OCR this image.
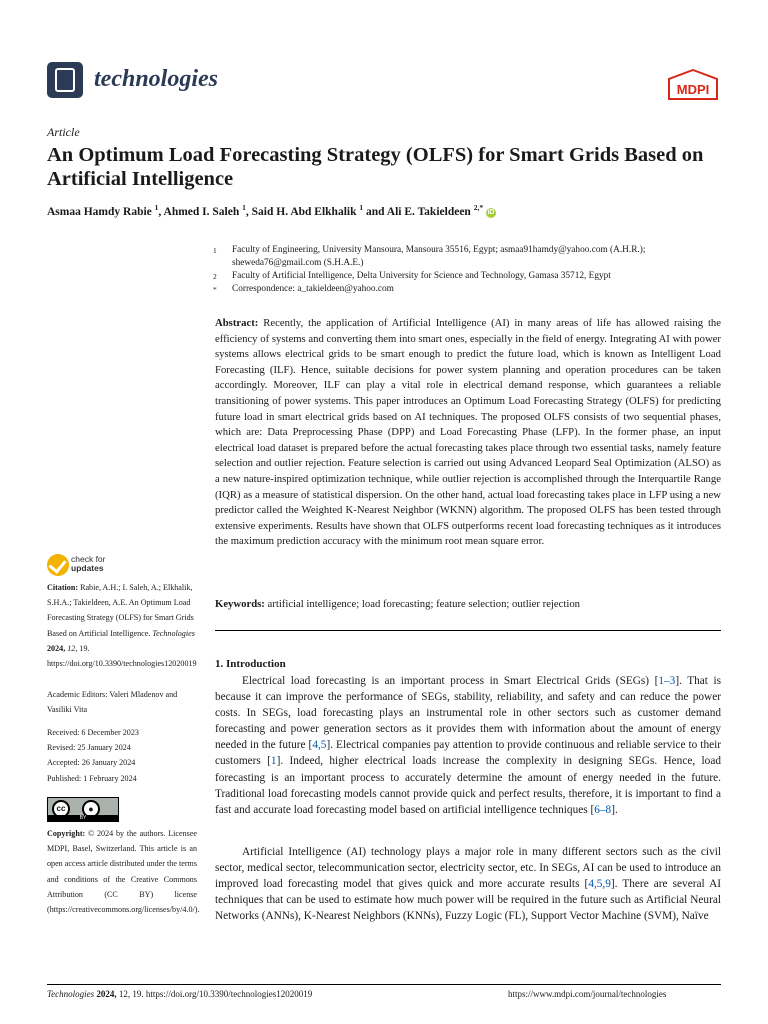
technologies	MDPI
Article
An Optimum Load Forecasting Strategy (OLFS) for Smart Grids Based on Artificial Intelligence
Asmaa Hamdy Rabie $^1$, Ahmed I. Saleh $^1$, Said H. Abd Elkhalik $^1$ and Ali E. Takieldeen $^{2,*}$ iD
1	Faculty of Engineering, University Mansoura, Mansoura 35516, Egypt; asmaa91hamdy@yahoo.com (A.H.R.); sheweda76@gmail.com (S.H.A.E.)
2	Faculty of Artificial Intelligence, Delta University for Science and Technology, Gamasa 35712, Egypt
*	Correspondence: a_takieldeen@yahoo.com
Abstract: Recently, the application of Artificial Intelligence (AI) in many areas of life has allowed raising the efficiency of systems and converting them into smart ones, especially in the field of energy. Integrating AI with power systems allows electrical grids to be smart enough to predict the future load, which is known as Intelligent Load Forecasting (ILF). Hence, suitable decisions for power system planning and operation procedures can be taken accordingly. Moreover, ILF can play a vital role in electrical demand response, which guarantees a reliable transitioning of power systems. This paper introduces an Optimum Load Forecasting Strategy (OLFS) for predicting future load in smart electrical grids based on AI techniques. The proposed OLFS consists of two sequential phases, which are: Data Preprocessing Phase (DPP) and Load Forecasting Phase (LFP). In the former phase, an input electrical load dataset is prepared before the actual forecasting takes place through two essential tasks, namely feature selection and outlier rejection. Feature selection is carried out using Advanced Leopard Seal Optimization (ALSO) as a new nature-inspired optimization technique, while outlier rejection is accomplished through the Interquartile Range (IQR) as a measure of statistical dispersion. On the other hand, actual load forecasting takes place in LFP using a new predictor called the Weighted K-Nearest Neighbor (WKNN) algorithm. The proposed OLFS has been tested through extensive experiments. Results have shown that OLFS outperforms recent load forecasting techniques as it introduces the maximum prediction accuracy with the minimum root mean square error.
Keywords: artificial intelligence; load forecasting; feature selection; outlier rejection
check for
updates
Citation: Rabie, A.H.; I. Saleh, A.; Elkhalik, S.H.A.; Takieldeen, A.E. An Optimum Load Forecasting Strategy (OLFS) for Smart Grids Based on Artificial Intelligence. Technologies 2024, 12, 19. https://doi.org/10.3390/technologies12020019
Academic Editors: Valeri Mladenov and Vasiliki Vita
Received: 6 December 2023
Revised: 25 January 2024
Accepted: 26 January 2024
Published: 1 February 2024
cc	●
BY
Copyright: © 2024 by the authors. Licensee MDPI, Basel, Switzerland. This article is an open access article distributed under the terms and conditions of the Creative Commons Attribution (CC BY) license (https://creativecommons.org/licenses/by/4.0/).
1. Introduction
Electrical load forecasting is an important process in Smart Electrical Grids (SEGs) [1–3]. That is because it can improve the performance of SEGs, stability, reliability, and safety and can reduce the power costs. In SEGs, load forecasting plays an instrumental role in other sectors such as customer demand forecasting and power generation sectors as it provides them with information about the amount of energy needed in the future [4,5]. Electrical companies pay attention to provide continuous and reliable service to their customers [1]. Indeed, higher electrical loads increase the complexity in designing SEGs. Hence, load forecasting is an important process to accurately determine the amount of energy needed in the future. Traditional load forecasting models cannot provide quick and perfect results, therefore, it is important to find a fast and accurate load forecasting model based on artificial intelligence techniques [6–8].
Artificial Intelligence (AI) technology plays a major role in many different sectors such as the civil sector, medical sector, telecommunication sector, electricity sector, etc. In SEGs, AI can be used to introduce an improved load forecasting model that gives quick and more accurate results [4,5,9]. There are several AI techniques that can be used to estimate how much power will be required in the future such as Artificial Neural Networks (ANNs), K-Nearest Neighbors (KNNs), Fuzzy Logic (FL), Support Vector Machine (SVM), Naïve
Technologies 2024, 12, 19. https://doi.org/10.3390/technologies12020019	https://www.mdpi.com/journal/technologies
